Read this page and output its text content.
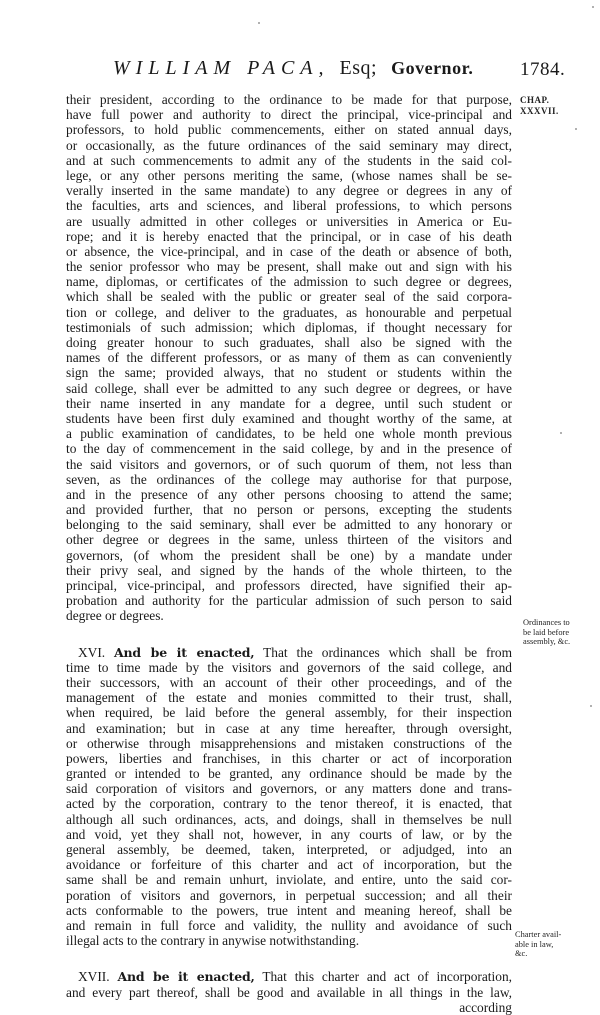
WILLIAM PACA, Esq; Governor. 1784.
CHAP.
XXXVII.
Ordinances to
be laid before
assembly, &c.
Charter avail-
able in law,
&c.
their president, according to the ordinance to be made for that purpose,
have full power and authority to direct the principal, vice-principal and
professors, to hold public commencements, either on stated annual days,
or occasionally, as the future ordinances of the said seminary may direct,
and at such commencements to admit any of the students in the said col-
lege, or any other persons meriting the same, (whose names shall be se-
verally inserted in the same mandate) to any degree or degrees in any of
the faculties, arts and sciences, and liberal professions, to which persons
are usually admitted in other colleges or universities in America or Eu-
rope; and it is hereby enacted that the principal, or in case of his death
or absence, the vice-principal, and in case of the death or absence of both,
the senior professor who may be present, shall make out and sign with his
name, diplomas, or certificates of the admission to such degree or degrees,
which shall be sealed with the public or greater seal of the said corpora-
tion or college, and deliver to the graduates, as honourable and perpetual
testimonials of such admission; which diplomas, if thought necessary for
doing greater honour to such graduates, shall also be signed with the
names of the different professors, or as many of them as can conveniently
sign the same; provided always, that no student or students within the
said college, shall ever be admitted to any such degree or degrees, or have
their name inserted in any mandate for a degree, until such student or
students have been first duly examined and thought worthy of the same, at
a public examination of candidates, to be held one whole month previous
to the day of commencement in the said college, by and in the presence of
the said visitors and governors, or of such quorum of them, not less than
seven, as the ordinances of the college may authorise for that purpose,
and in the presence of any other persons choosing to attend the same;
and provided further, that no person or persons, excepting the students
belonging to the said seminary, shall ever be admitted to any honorary or
other degree or degrees in the same, unless thirteen of the visitors and
governors, (of whom the president shall be one) by a mandate under
their privy seal, and signed by the hands of the whole thirteen, to the
principal, vice-principal, and professors directed, have signified their ap-
probation and authority for the particular admission of such person to said
degree or degrees.
XVI. And be it enacted, That the ordinances which shall be from
time to time made by the visitors and governors of the said college, and
their successors, with an account of their other proceedings, and of the
management of the estate and monies committed to their trust, shall,
when required, be laid before the general assembly, for their inspection
and examination; but in case at any time hereafter, through oversight,
or otherwise through misapprehensions and mistaken constructions of the
powers, liberties and franchises, in this charter or act of incorporation
granted or intended to be granted, any ordinance should be made by the
said corporation of visitors and governors, or any matters done and trans-
acted by the corporation, contrary to the tenor thereof, it is enacted, that
although all such ordinances, acts, and doings, shall in themselves be null
and void, yet they shall not, however, in any courts of law, or by the
general assembly, be deemed, taken, interpreted, or adjudged, into an
avoidance or forfeiture of this charter and act of incorporation, but the
same shall be and remain unhurt, inviolate, and entire, unto the said cor-
poration of visitors and governors, in perpetual succession; and all their
acts conformable to the powers, true intent and meaning hereof, shall be
and remain in full force and validity, the nullity and avoidance of such
illegal acts to the contrary in anywise notwithstanding.
XVII. And be it enacted, That this charter and act of incorporation,
and every part thereof, shall be good and available in all things in the law,
according
